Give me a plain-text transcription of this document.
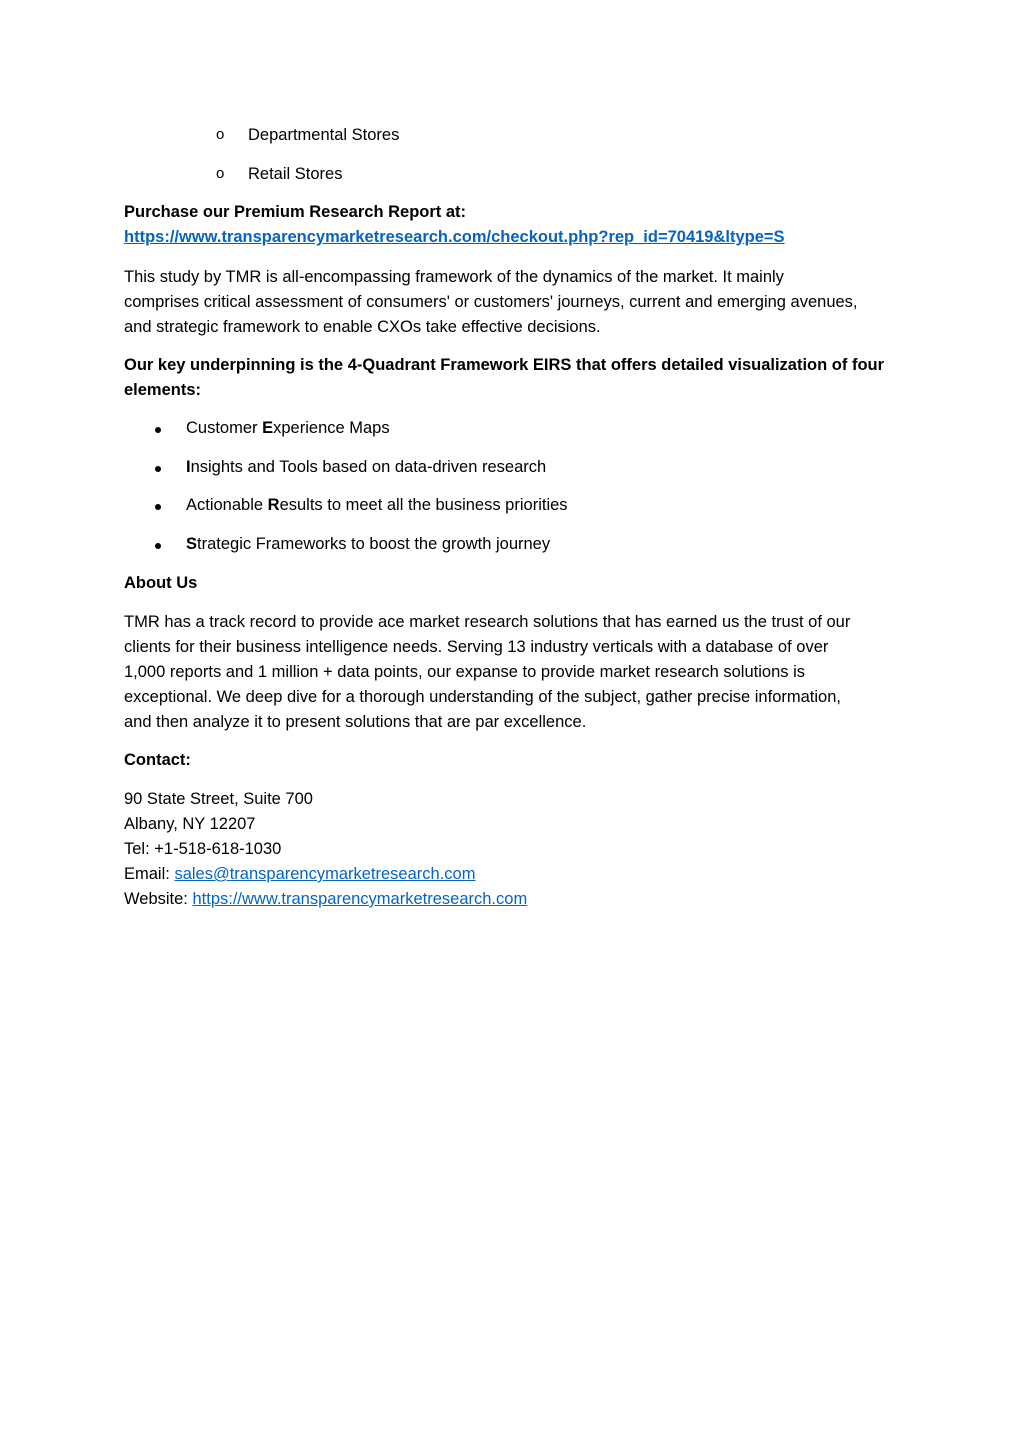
o Departmental Stores
o Retail Stores
Purchase our Premium Research Report at:
https://www.transparencymarketresearch.com/checkout.php?rep_id=70419&ltype=S
This study by TMR is all-encompassing framework of the dynamics of the market. It mainly
comprises critical assessment of consumers' or customers' journeys, current and emerging avenues,
and strategic framework to enable CXOs take effective decisions.
Our key underpinning is the 4-Quadrant Framework EIRS that offers detailed visualization of four
elements:
Customer Experience Maps
Insights and Tools based on data-driven research
Actionable Results to meet all the business priorities
Strategic Frameworks to boost the growth journey
About Us
TMR has a track record to provide ace market research solutions that has earned us the trust of our
clients for their business intelligence needs. Serving 13 industry verticals with a database of over
1,000 reports and 1 million + data points, our expanse to provide market research solutions is
exceptional. We deep dive for a thorough understanding of the subject, gather precise information,
and then analyze it to present solutions that are par excellence.
Contact:
90 State Street, Suite 700
Albany, NY 12207
Tel: +1-518-618-1030
Email: sales@transparencymarketresearch.com
Website: https://www.transparencymarketresearch.com
